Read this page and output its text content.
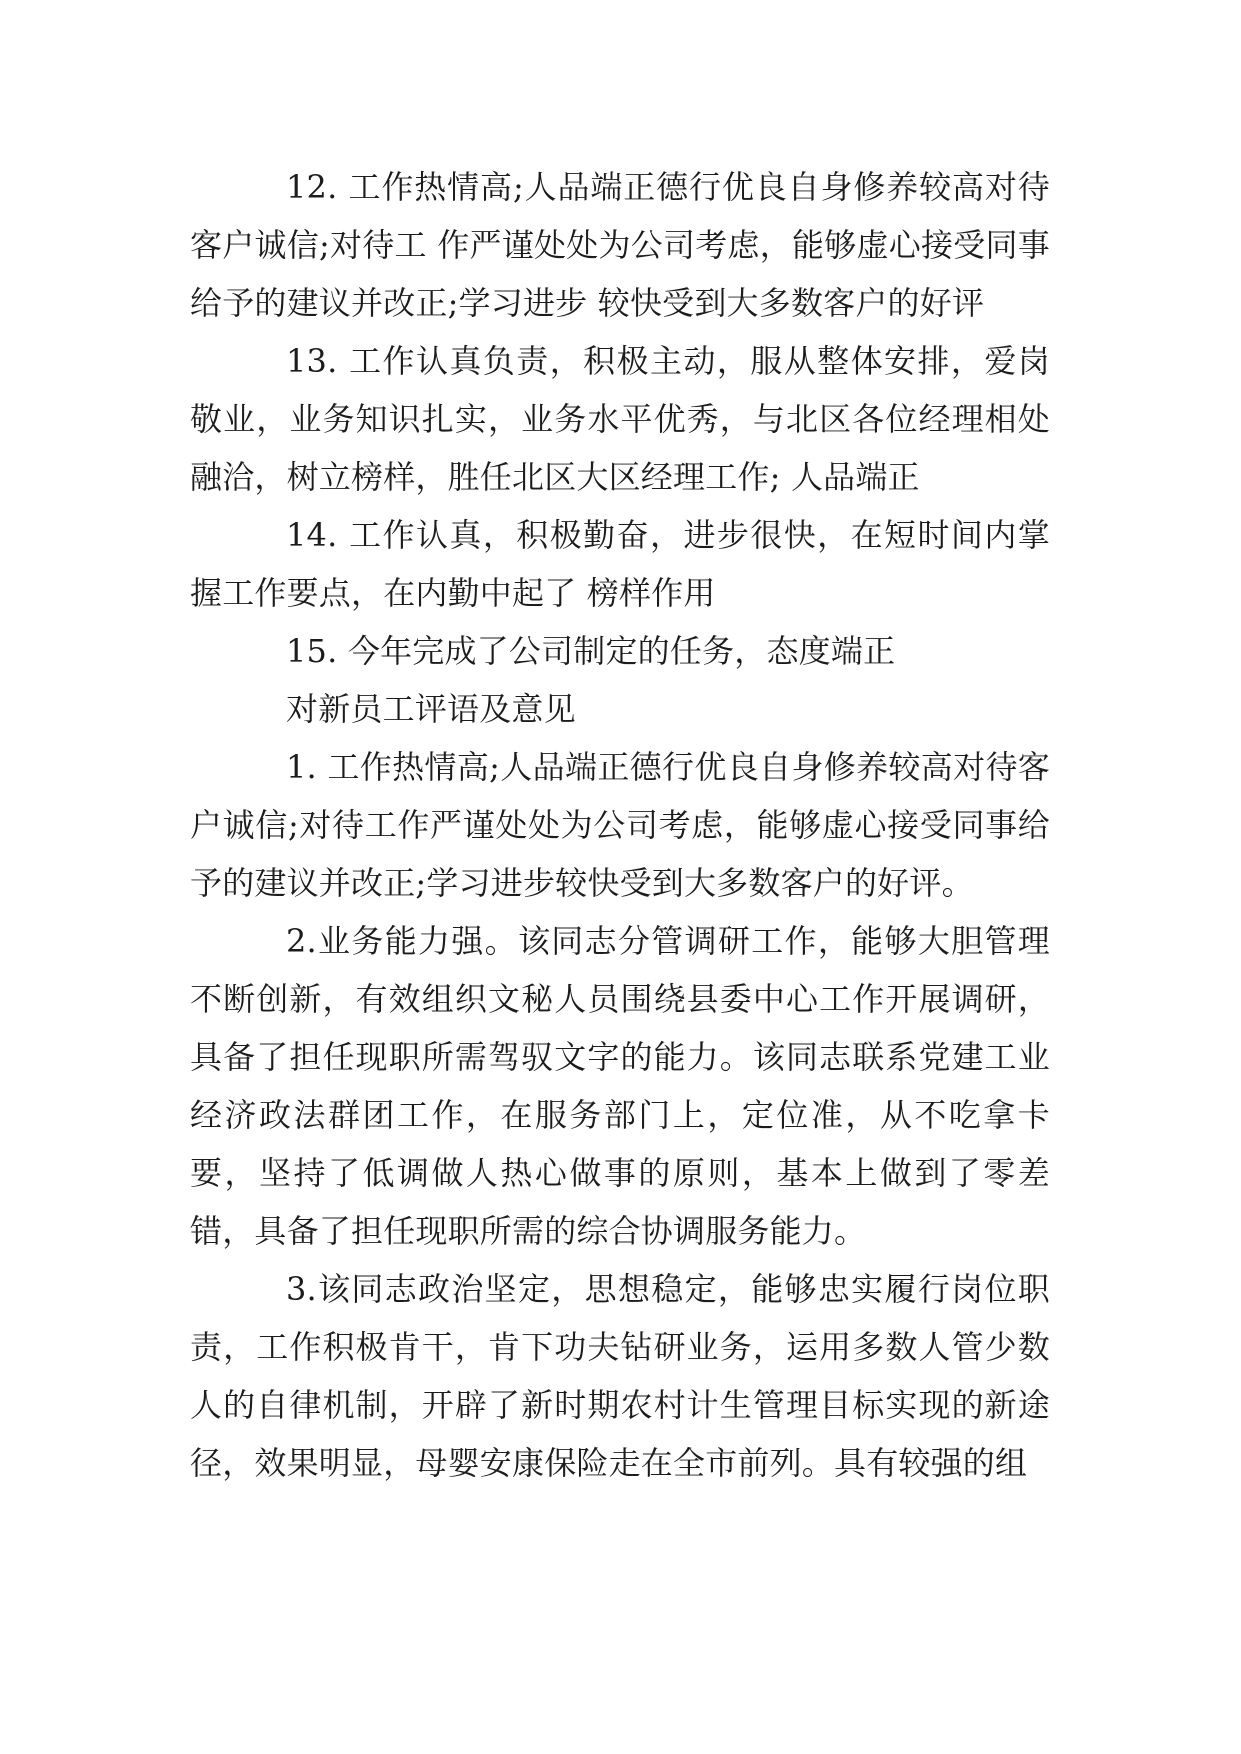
12. 工作热情高;人品端正德行优良自身修养较高对待客户诚信;对待工 作严谨处处为公司考虑，能够虚心接受同事给予的建议并改正;学习进步 较快受到大多数客户的好评

13. 工作认真负责，积极主动，服从整体安排，爱岗敬业，业务知识扎实，业务水平优秀，与北区各位经理相处融洽，树立榜样，胜任北区大区经理工作; 人品端正

14. 工作认真，积极勤奋，进步很快，在短时间内掌握工作要点，在内勤中起了 榜样作用

15. 今年完成了公司制定的任务，态度端正

对新员工评语及意见

1. 工作热情高;人品端正德行优良自身修养较高对待客户诚信;对待工作严谨处处为公司考虑，能够虚心接受同事给予的建议并改正;学习进步较快受到大多数客户的好评。

2.业务能力强。该同志分管调研工作，能够大胆管理不断创新，有效组织文秘人员围绕县委中心工作开展调研，具备了担任现职所需驾驭文字的能力。该同志联系党建工业经济政法群团工作，在服务部门上，定位准，从不吃拿卡要，坚持了低调做人热心做事的原则，基本上做到了零差错，具备了担任现职所需的综合协调服务能力。

3.该同志政治坚定，思想稳定，能够忠实履行岗位职责，工作积极肯干，肯下功夫钻研业务，运用多数人管少数人的自律机制，开辟了新时期农村计生管理目标实现的新途径，效果明显，母婴安康保险走在全市前列。具有较强的组
